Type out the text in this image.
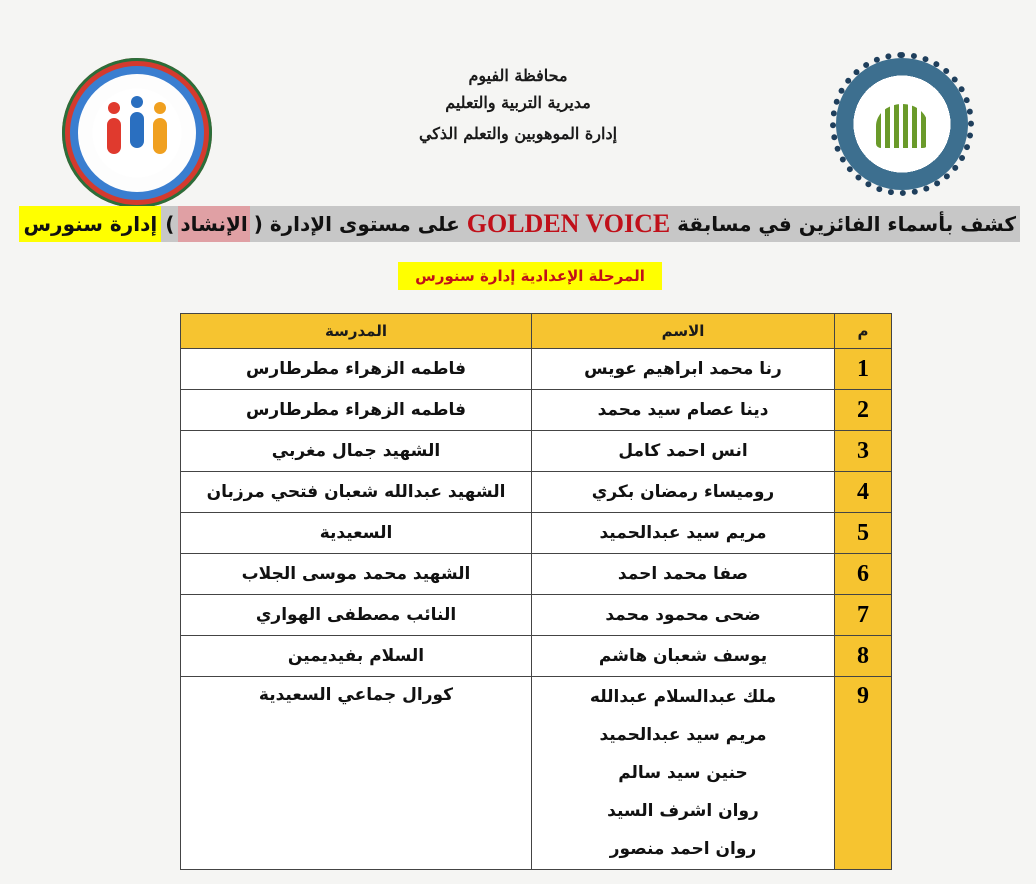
محافظة الفيوم
مديرية التربية والتعليم
إدارة الموهوبين والتعلم الذكي
كشف بأسماء الفائزين في مسابقة GOLDEN VOICE على مستوى الإدارة (الإنشاد)إدارة سنورس
المرحلة الإعدادية إدارة سنورس
م	الاسم	المدرسة
1	رنا محمد ابراهيم عويس	فاطمه الزهراء مطرطارس
2	دينا عصام سيد محمد	فاطمه الزهراء مطرطارس
3	انس احمد كامل	الشهيد جمال مغربي
4	روميساء رمضان بكري	الشهيد عبدالله شعبان فتحي مرزبان
5	مريم سيد عبدالحميد	السعيدية
6	صفا محمد احمد	الشهيد محمد موسى الجلاب
7	ضحى محمود محمد	النائب مصطفى الهواري
8	يوسف شعبان هاشم	السلام بفيديمين
9	ملك عبدالسلام عبدالله
مريم سيد عبدالحميد
حنين سيد سالم
روان اشرف السيد
روان احمد منصور	كورال جماعي السعيدية
